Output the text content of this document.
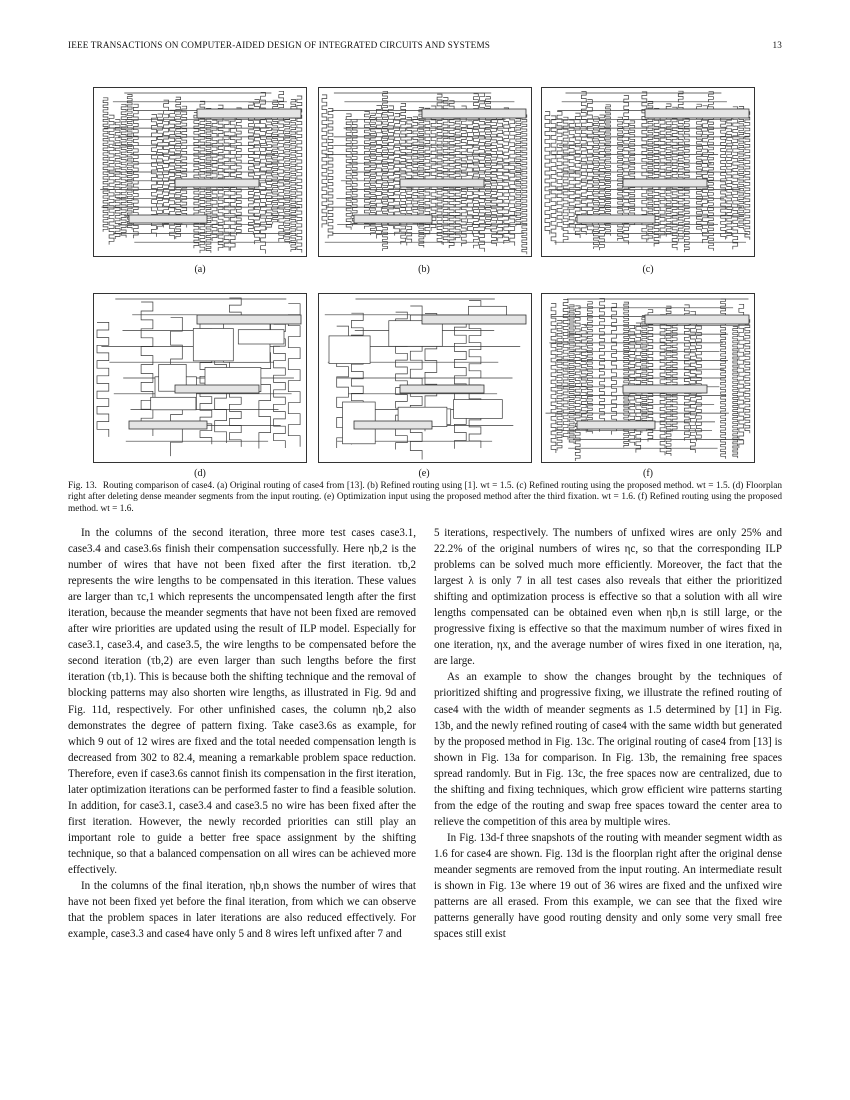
IEEE TRANSACTIONS ON COMPUTER-AIDED DESIGN OF INTEGRATED CIRCUITS AND SYSTEMS	13
(a)	(b)	(c)
(d)	(e)	(f)
Fig. 13. Routing comparison of case4. (a) Original routing of case4 from [13]. (b) Refined routing using [1]. wt = 1.5. (c) Refined routing using the proposed method. wt = 1.5. (d) Floorplan right after deleting dense meander segments from the input routing. (e) Optimization input using the proposed method after the third fixation. wt = 1.6. (f) Refined routing using the proposed method. wt = 1.6.

In the columns of the second iteration, three more test cases case3.1, case3.4 and case3.6s finish their compensation successfully. Here ηb,2 is the number of wires that have not been fixed after the first iteration. τb,2 represents the wire lengths to be compensated in this iteration. These values are larger than τc,1 which represents the uncompensated length after the first iteration, because the meander segments that have not been fixed are removed after wire priorities are updated using the result of ILP model. Especially for case3.1, case3.4, and case3.5, the wire lengths to be compensated before the second iteration (τb,2) are even larger than such lengths before the first iteration (τb,1). This is because both the shifting technique and the removal of blocking patterns may also shorten wire lengths, as illustrated in Fig. 9d and Fig. 11d, respectively. For other unfinished cases, the column ηb,2 also demonstrates the degree of pattern fixing. Take case3.6s as example, for which 9 out of 12 wires are fixed and the total needed compensation length is decreased from 302 to 82.4, meaning a remarkable problem space reduction. Therefore, even if case3.6s cannot finish its compensation in the first iteration, later optimization iterations can be performed faster to find a feasible solution. In addition, for case3.1, case3.4 and case3.5 no wire has been fixed after the first iteration. However, the newly recorded priorities can still play an important role to guide a better free space assignment by the shifting technique, so that a balanced compensation on all wires can be achieved more effectively.

In the columns of the final iteration, ηb,n shows the number of wires that have not been fixed yet before the final iteration, from which we can observe that the problem spaces in later iterations are also reduced effectively. For example, case3.3 and case4 have only 5 and 8 wires left unfixed after 7 and

5 iterations, respectively. The numbers of unfixed wires are only 25% and 22.2% of the original numbers of wires ηc, so that the corresponding ILP problems can be solved much more efficiently. Moreover, the fact that the largest λ is only 7 in all test cases also reveals that either the prioritized shifting and optimization process is effective so that a solution with all wire lengths compensated can be obtained even when ηb,n is still large, or the progressive fixing is effective so that the maximum number of wires fixed in one iteration, ηx, and the average number of wires fixed in one iteration, ηa, are large.

As an example to show the changes brought by the techniques of prioritized shifting and progressive fixing, we illustrate the refined routing of case4 with the width of meander segments as 1.5 determined by [1] in Fig. 13b, and the newly refined routing of case4 with the same width but generated by the proposed method in Fig. 13c. The original routing of case4 from [13] is shown in Fig. 13a for comparison. In Fig. 13b, the remaining free spaces spread randomly. But in Fig. 13c, the free spaces now are centralized, due to the shifting and fixing techniques, which grow efficient wire patterns starting from the edge of the routing and swap free spaces toward the center area to relieve the competition of this area by multiple wires.

In Fig. 13d-f three snapshots of the routing with meander segment width as 1.6 for case4 are shown. Fig. 13d is the floorplan right after the original dense meander segments are removed from the input routing. An intermediate result is shown in Fig. 13e where 19 out of 36 wires are fixed and the unfixed wire patterns are all erased. From this example, we can see that the fixed wire patterns generally have good routing density and only some very small free spaces still exist
